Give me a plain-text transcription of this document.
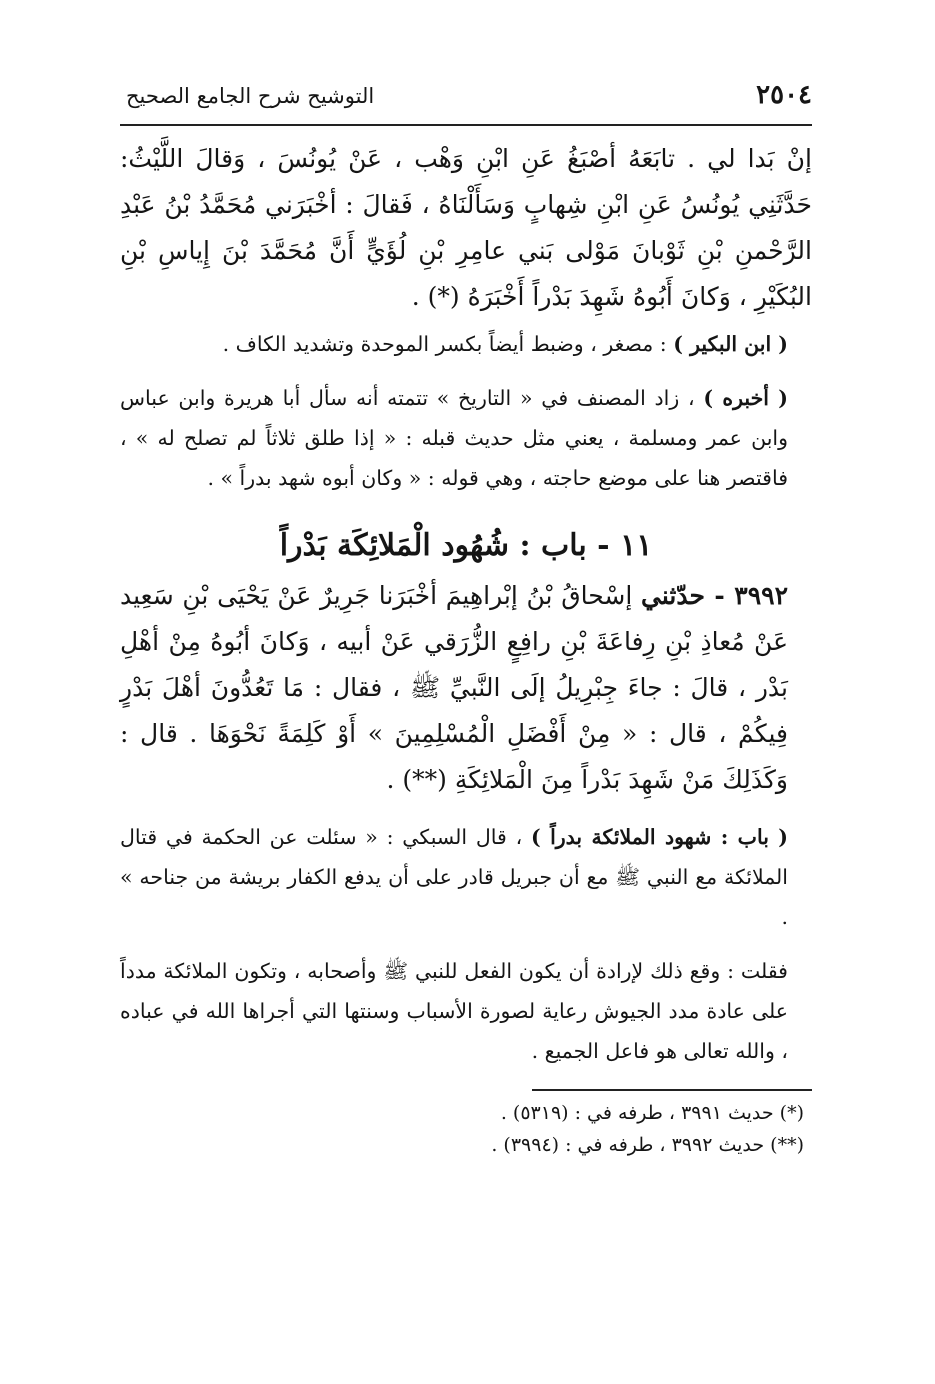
٢٥٠٤
التوشيح شرح الجامع الصحيح

إنْ بَدا لي . تابَعَهُ أصْبَغُ عَنِ ابْنِ وَهْب ، عَنْ يُونُسَ ، وَقالَ اللَّيْثُ: حَدَّثَنِي يُونُسُ عَنِ ابْنِ شِهابٍ وَسَأَلْنَاهُ ، فَقالَ : أخْبَرَني مُحَمَّدُ بْنُ عَبْدِ الرَّحْمنِ بْنِ ثَوْبانَ مَوْلى بَني عامِرِ بْنِ لُؤَيٍّ أَنَّ مُحَمَّدَ بْنَ إِياسِ بْنِ البُكَيْرِ ، وَكانَ أَبُوهُ شَهِدَ بَدْراً أَخْبَرَهُ (*) .

( ابن البكير ) : مصغر ، وضبط أيضاً بكسر الموحدة وتشديد الكاف .

( أخبره ) ، زاد المصنف في « التاريخ » تتمته أنه سأل أبا هريرة وابن عباس وابن عمر ومسلمة ، يعني مثل حديث قبله : « إذا طلق ثلاثاً لم تصلح له » ، فاقتصر هنا على موضع حاجته ، وهي قوله : « وكان أبوه شهد بدراً » .

١١ - باب : شُهُود الْمَلائِكَة بَدْراً

٣٩٩٢ - حدّثني إسْحاقُ بْنُ إبْراهِيمَ أخْبَرَنا جَرِيرٌ عَنْ يَحْيَى بْنِ سَعِيد عَنْ مُعاذِ بْنِ رِفاعَةَ بْنِ رافِعٍ الزُّرَقي عَنْ أبيه ، وَكانَ أبُوهُ مِنْ أهْلِ بَدْر ، قالَ : جاءَ جِبْرِيلُ إلَى النَّبيِّ ﷺ ، فقال : مَا تَعُدُّونَ أهْلَ بَدْرٍ فِيكُمْ ، قال : « مِنْ أَفْضَلِ الْمُسْلِمِينَ » أَوْ كَلِمَةً نَحْوَهَا . قال : وَكَذَلِكَ مَنْ شَهِدَ بَدْراً مِنَ الْمَلائِكَةِ (**) .

( باب : شهود الملائكة بدراً ) ، قال السبكي : « سئلت عن الحكمة في قتال الملائكة مع النبي ﷺ مع أن جبريل قادر على أن يدفع الكفار بريشة من جناحه » .

فقلت : وقع ذلك لإرادة أن يكون الفعل للنبي ﷺ وأصحابه ، وتكون الملائكة مدداً على عادة مدد الجيوش رعاية لصورة الأسباب وسنتها التي أجراها الله في عباده ، والله تعالى هو فاعل الجميع .

(*) حديث ٣٩٩١ ، طرفه في : (٥٣١٩) .
(**) حديث ٣٩٩٢ ، طرفه في : (٣٩٩٤) .
